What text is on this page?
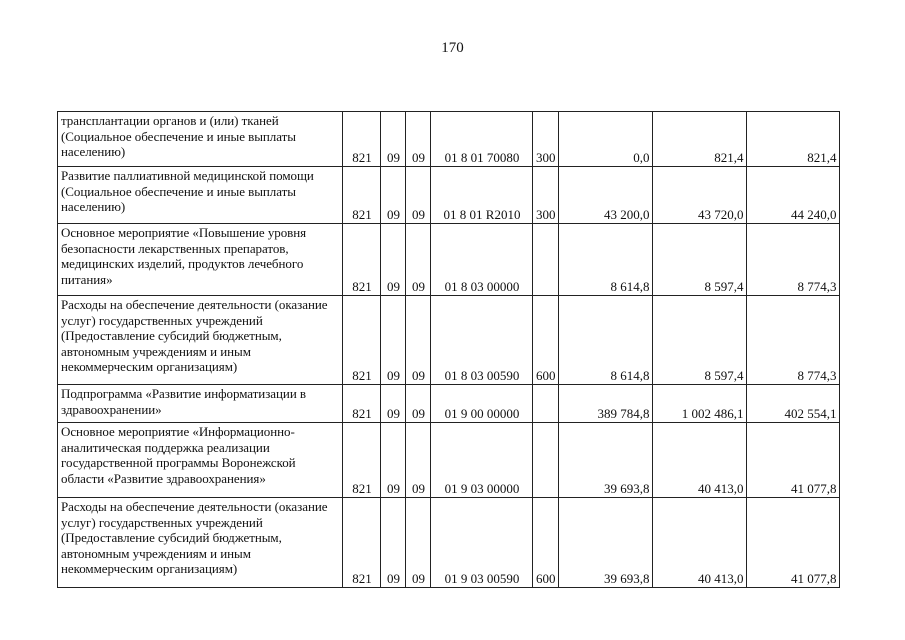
170
трансплантации органов и (или) тканей (Социальное обеспечение и иные выплаты населению)	821	09	09	01 8 01 70080	300	0,0	821,4	821,4
Развитие паллиативной медицинской помощи (Социальное обеспечение и иные выплаты населению)	821	09	09	01 8 01 R2010	300	43 200,0	43 720,0	44 240,0
Основное мероприятие «Повышение уровня безопасности лекарственных препаратов, медицинских изделий, продуктов лечебного питания»	821	09	09	01 8 03 00000		8 614,8	8 597,4	8 774,3
Расходы на обеспечение деятельности (оказание услуг) государственных учреждений (Предоставление субсидий бюджетным, автономным учреждениям и иным некоммерческим организациям)	821	09	09	01 8 03 00590	600	8 614,8	8 597,4	8 774,3
Подпрограмма «Развитие информатизации в здравоохранении»	821	09	09	01 9 00 00000		389 784,8	1 002 486,1	402 554,1
Основное мероприятие «Информационно-аналитическая поддержка реализации государственной программы Воронежской области «Развитие здравоохранения»	821	09	09	01 9 03 00000		39 693,8	40 413,0	41 077,8
Расходы на обеспечение деятельности (оказание услуг) государственных учреждений (Предоставление субсидий бюджетным, автономным учреждениям и иным некоммерческим организациям)	821	09	09	01 9 03 00590	600	39 693,8	40 413,0	41 077,8
